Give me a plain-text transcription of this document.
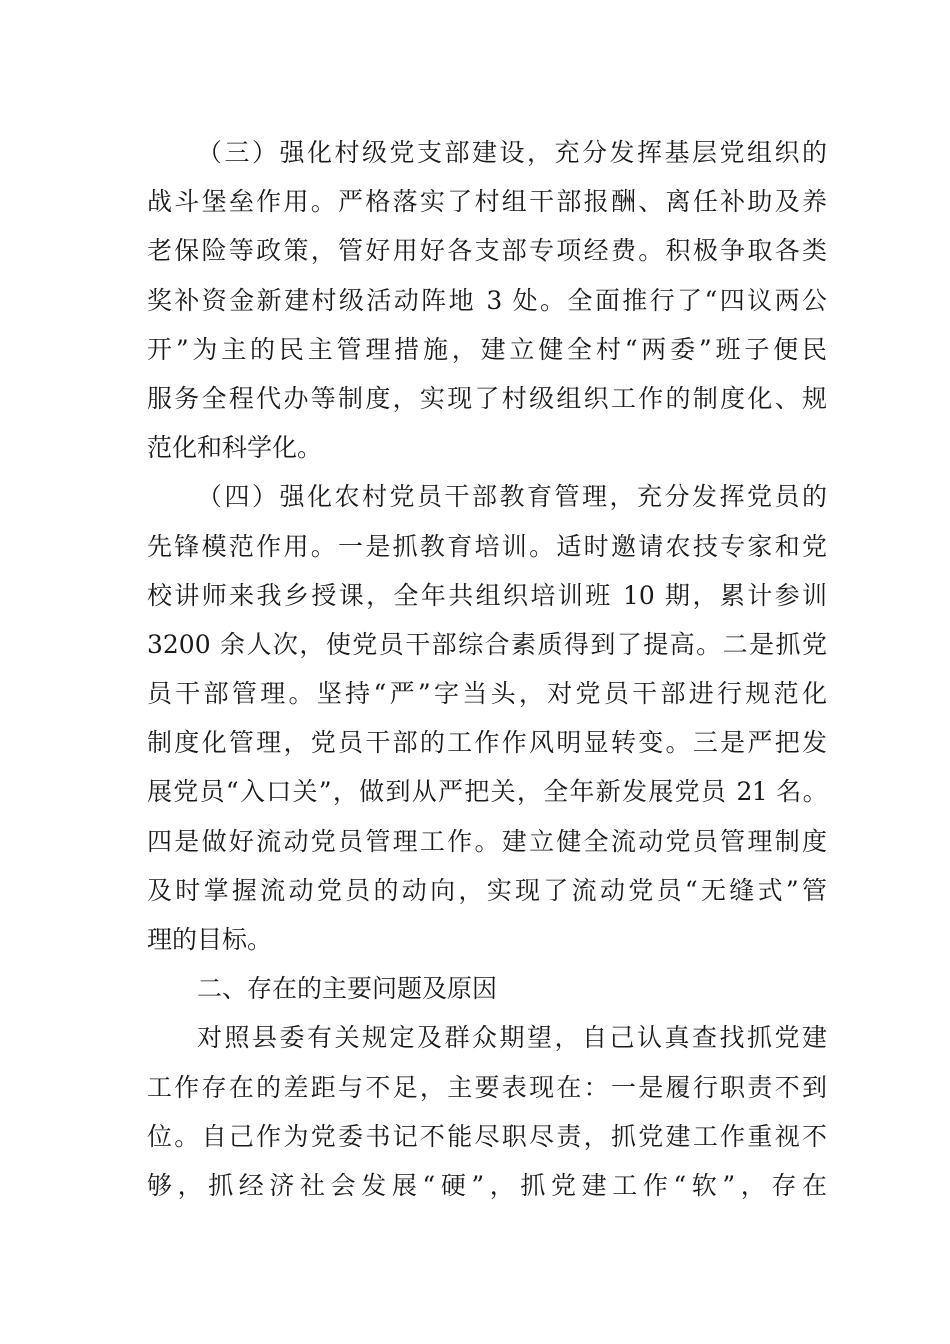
（三）强化村级党支部建设，充分发挥基层党组织的
战斗堡垒作用。严格落实了村组干部报酬、离任补助及养
老保险等政策，管好用好各支部专项经费。积极争取各类
奖补资金新建村级活动阵地 3 处。全面推行了“四议两公
开”为主的民主管理措施，建立健全村“两委”班子便民
服务全程代办等制度，实现了村级组织工作的制度化、规
范化和科学化。
（四）强化农村党员干部教育管理，充分发挥党员的
先锋模范作用。一是抓教育培训。适时邀请农技专家和党
校讲师来我乡授课，全年共组织培训班 10 期，累计参训
3200 余人次，使党员干部综合素质得到了提高。二是抓党
员干部管理。坚持“严”字当头，对党员干部进行规范化
制度化管理，党员干部的工作作风明显转变。三是严把发
展党员“入口关”，做到从严把关，全年新发展党员 21 名。
四是做好流动党员管理工作。建立健全流动党员管理制度
及时掌握流动党员的动向，实现了流动党员“无缝式”管
理的目标。
二、存在的主要问题及原因
对照县委有关规定及群众期望，自己认真查找抓党建
工作存在的差距与不足，主要表现在：一是履行职责不到
位。自己作为党委书记不能尽职尽责，抓党建工作重视不
够，抓经济社会发展“硬”，抓党建工作“软”，存在
